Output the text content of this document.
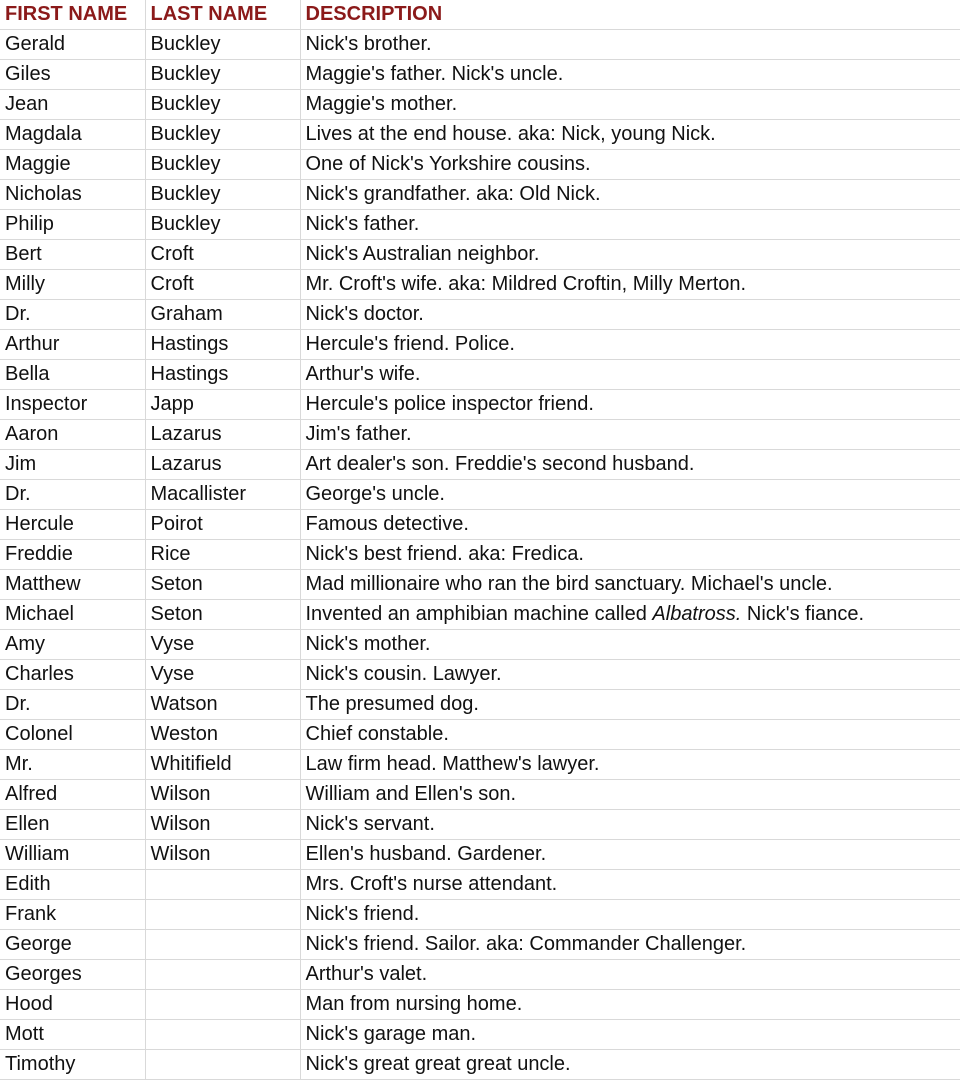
FIRST NAME	LAST NAME	DESCRIPTION
Gerald	Buckley	Nick's brother.
Giles	Buckley	Maggie's father. Nick's uncle.
Jean	Buckley	Maggie's mother.
Magdala	Buckley	Lives at the end house. aka: Nick, young Nick.
Maggie	Buckley	One of Nick's Yorkshire cousins.
Nicholas	Buckley	Nick's grandfather. aka: Old Nick.
Philip	Buckley	Nick's father.
Bert	Croft	Nick's Australian neighbor.
Milly	Croft	Mr. Croft's wife. aka: Mildred Croftin, Milly Merton.
Dr.	Graham	Nick's doctor.
Arthur	Hastings	Hercule's friend. Police.
Bella	Hastings	Arthur's wife.
Inspector	Japp	Hercule's police inspector friend.
Aaron	Lazarus	Jim's father.
Jim	Lazarus	Art dealer's son. Freddie's second husband.
Dr.	Macallister	George's uncle.
Hercule	Poirot	Famous detective.
Freddie	Rice	Nick's best friend. aka: Fredica.
Matthew	Seton	Mad millionaire who ran the bird sanctuary. Michael's uncle.
Michael	Seton	Invented an amphibian machine called Albatross. Nick's fiance.
Amy	Vyse	Nick's mother.
Charles	Vyse	Nick's cousin. Lawyer.
Dr.	Watson	The presumed dog.
Colonel	Weston	Chief constable.
Mr.	Whitifield	Law firm head. Matthew's lawyer.
Alfred	Wilson	William and Ellen's son.
Ellen	Wilson	Nick's servant.
William	Wilson	Ellen's husband. Gardener.
Edith		Mrs. Croft's nurse attendant.
Frank		Nick's friend.
George		Nick's friend. Sailor. aka: Commander Challenger.
Georges		Arthur's valet.
Hood		Man from nursing home.
Mott		Nick's garage man.
Timothy		Nick's great great great uncle.
